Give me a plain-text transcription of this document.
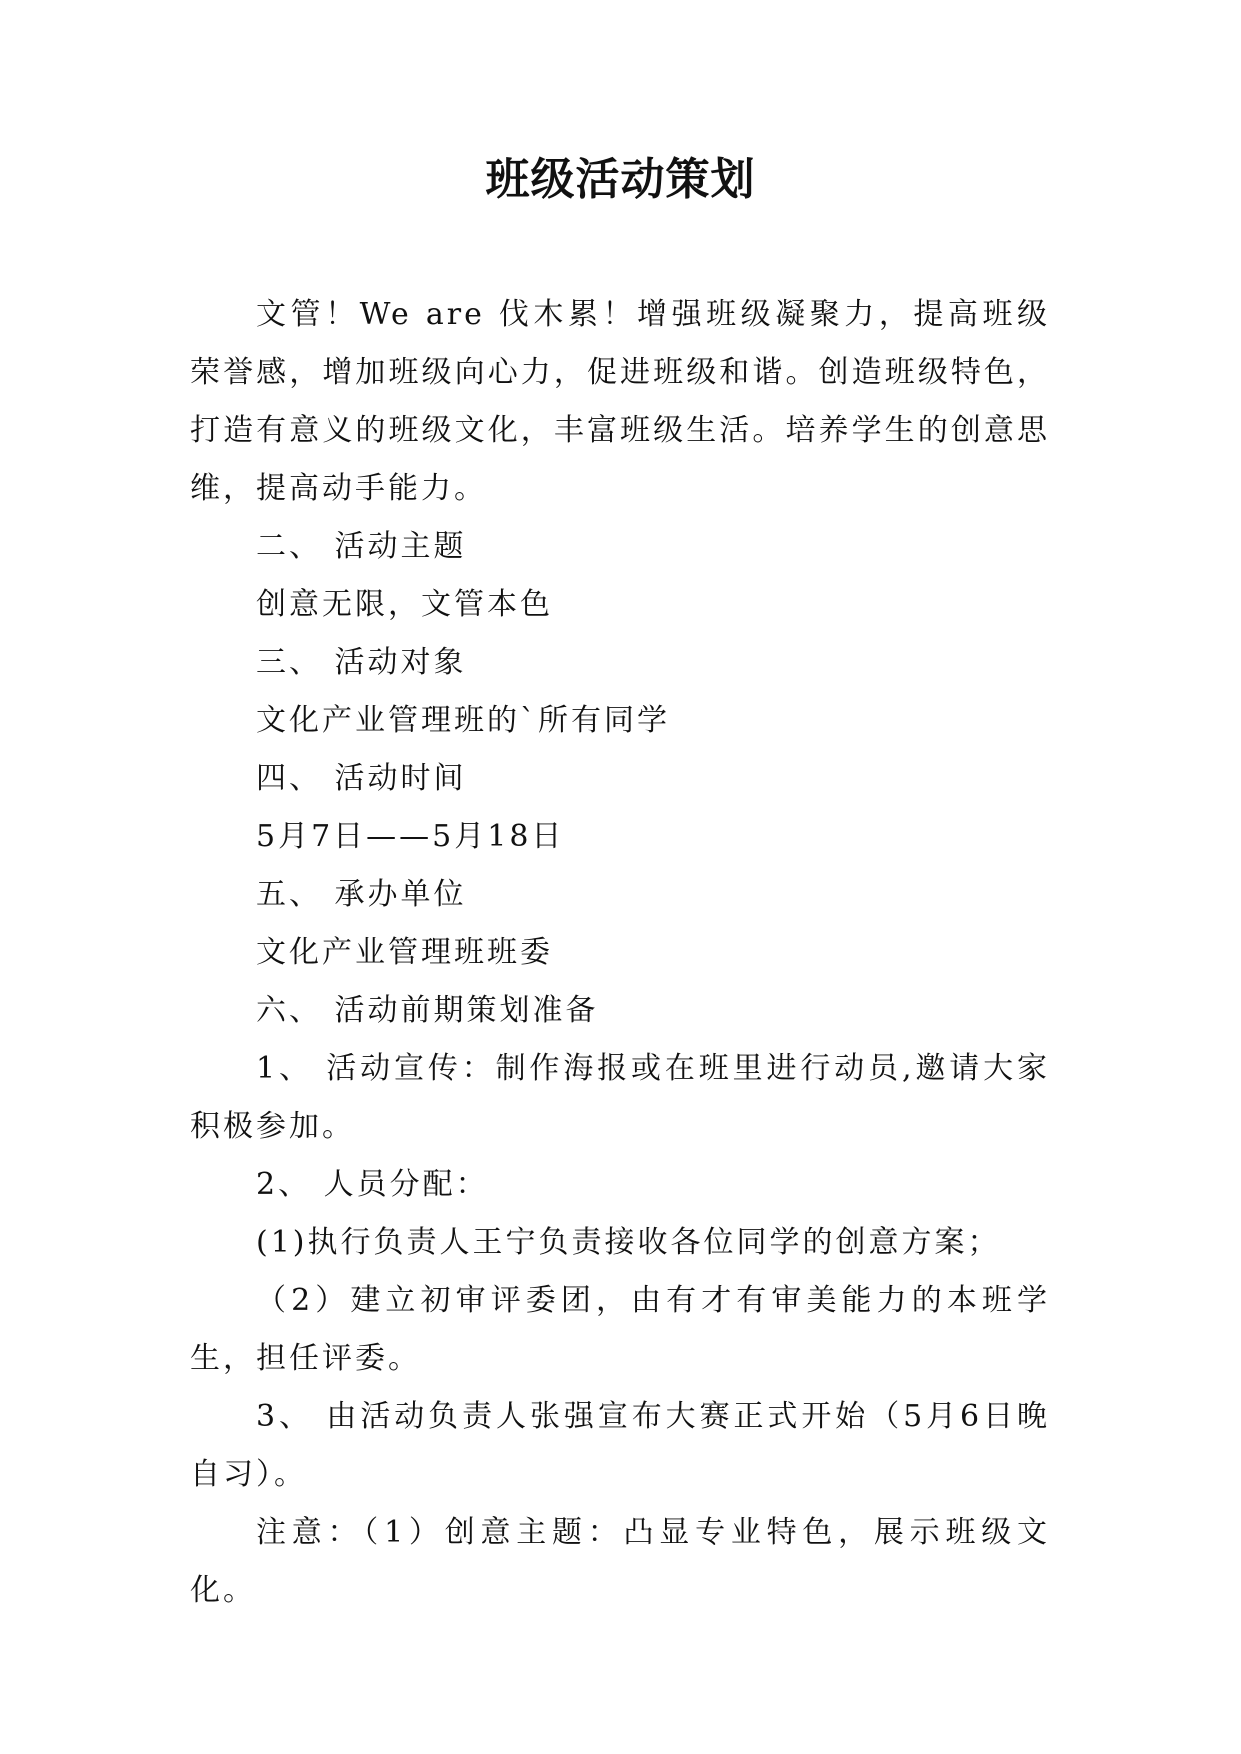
班级活动策划

文管！We are 伐木累！增强班级凝聚力，提高班级荣誉感，增加班级向心力，促进班级和谐。创造班级特色，打造有意义的班级文化，丰富班级生活。培养学生的创意思维，提高动手能力。

二、 活动主题

创意无限，文管本色

三、 活动对象

文化产业管理班的`所有同学

四、 活动时间

5月7日——5月18日

五、 承办单位

文化产业管理班班委

六、 活动前期策划准备

1、 活动宣传：制作海报或在班里进行动员,邀请大家积极参加。

2、 人员分配：

(1)执行负责人王宁负责接收各位同学的创意方案；

（2）建立初审评委团，由有才有审美能力的本班学生，担任评委。

3、 由活动负责人张强宣布大赛正式开始（5月6日晚自习）。

注意：（1）创意主题：凸显专业特色，展示班级文化。
